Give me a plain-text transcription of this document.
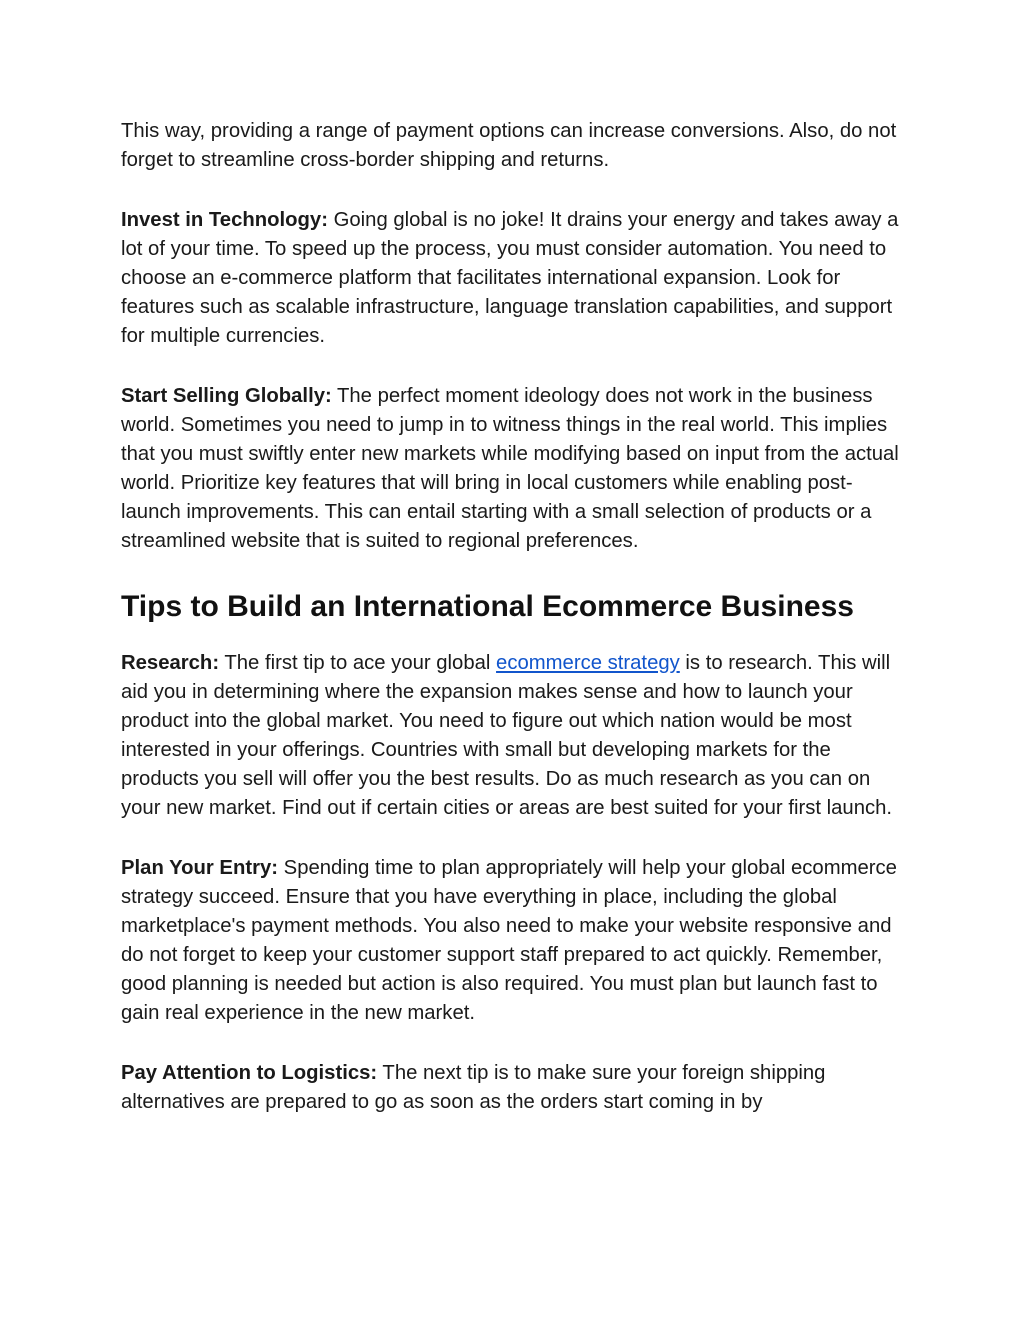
This way, providing a range of payment options can increase conversions. Also, do not forget to streamline cross-border shipping and returns.

Invest in Technology: Going global is no joke! It drains your energy and takes away a lot of your time. To speed up the process, you must consider automation. You need to choose an e-commerce platform that facilitates international expansion. Look for features such as scalable infrastructure, language translation capabilities, and support for multiple currencies.

Start Selling Globally: The perfect moment ideology does not work in the business world. Sometimes you need to jump in to witness things in the real world. This implies that you must swiftly enter new markets while modifying based on input from the actual world. Prioritize key features that will bring in local customers while enabling post-launch improvements. This can entail starting with a small selection of products or a streamlined website that is suited to regional preferences.

Tips to Build an International Ecommerce Business

Research: The first tip to ace your global ecommerce strategy is to research. This will aid you in determining where the expansion makes sense and how to launch your product into the global market. You need to figure out which nation would be most interested in your offerings. Countries with small but developing markets for the products you sell will offer you the best results. Do as much research as you can on your new market. Find out if certain cities or areas are best suited for your first launch.

Plan Your Entry: Spending time to plan appropriately will help your global ecommerce strategy succeed. Ensure that you have everything in place, including the global marketplace's payment methods. You also need to make your website responsive and do not forget to keep your customer support staff prepared to act quickly. Remember, good planning is needed but action is also required. You must plan but launch fast to gain real experience in the new market.

Pay Attention to Logistics: The next tip is to make sure your foreign shipping alternatives are prepared to go as soon as the orders start coming in by
